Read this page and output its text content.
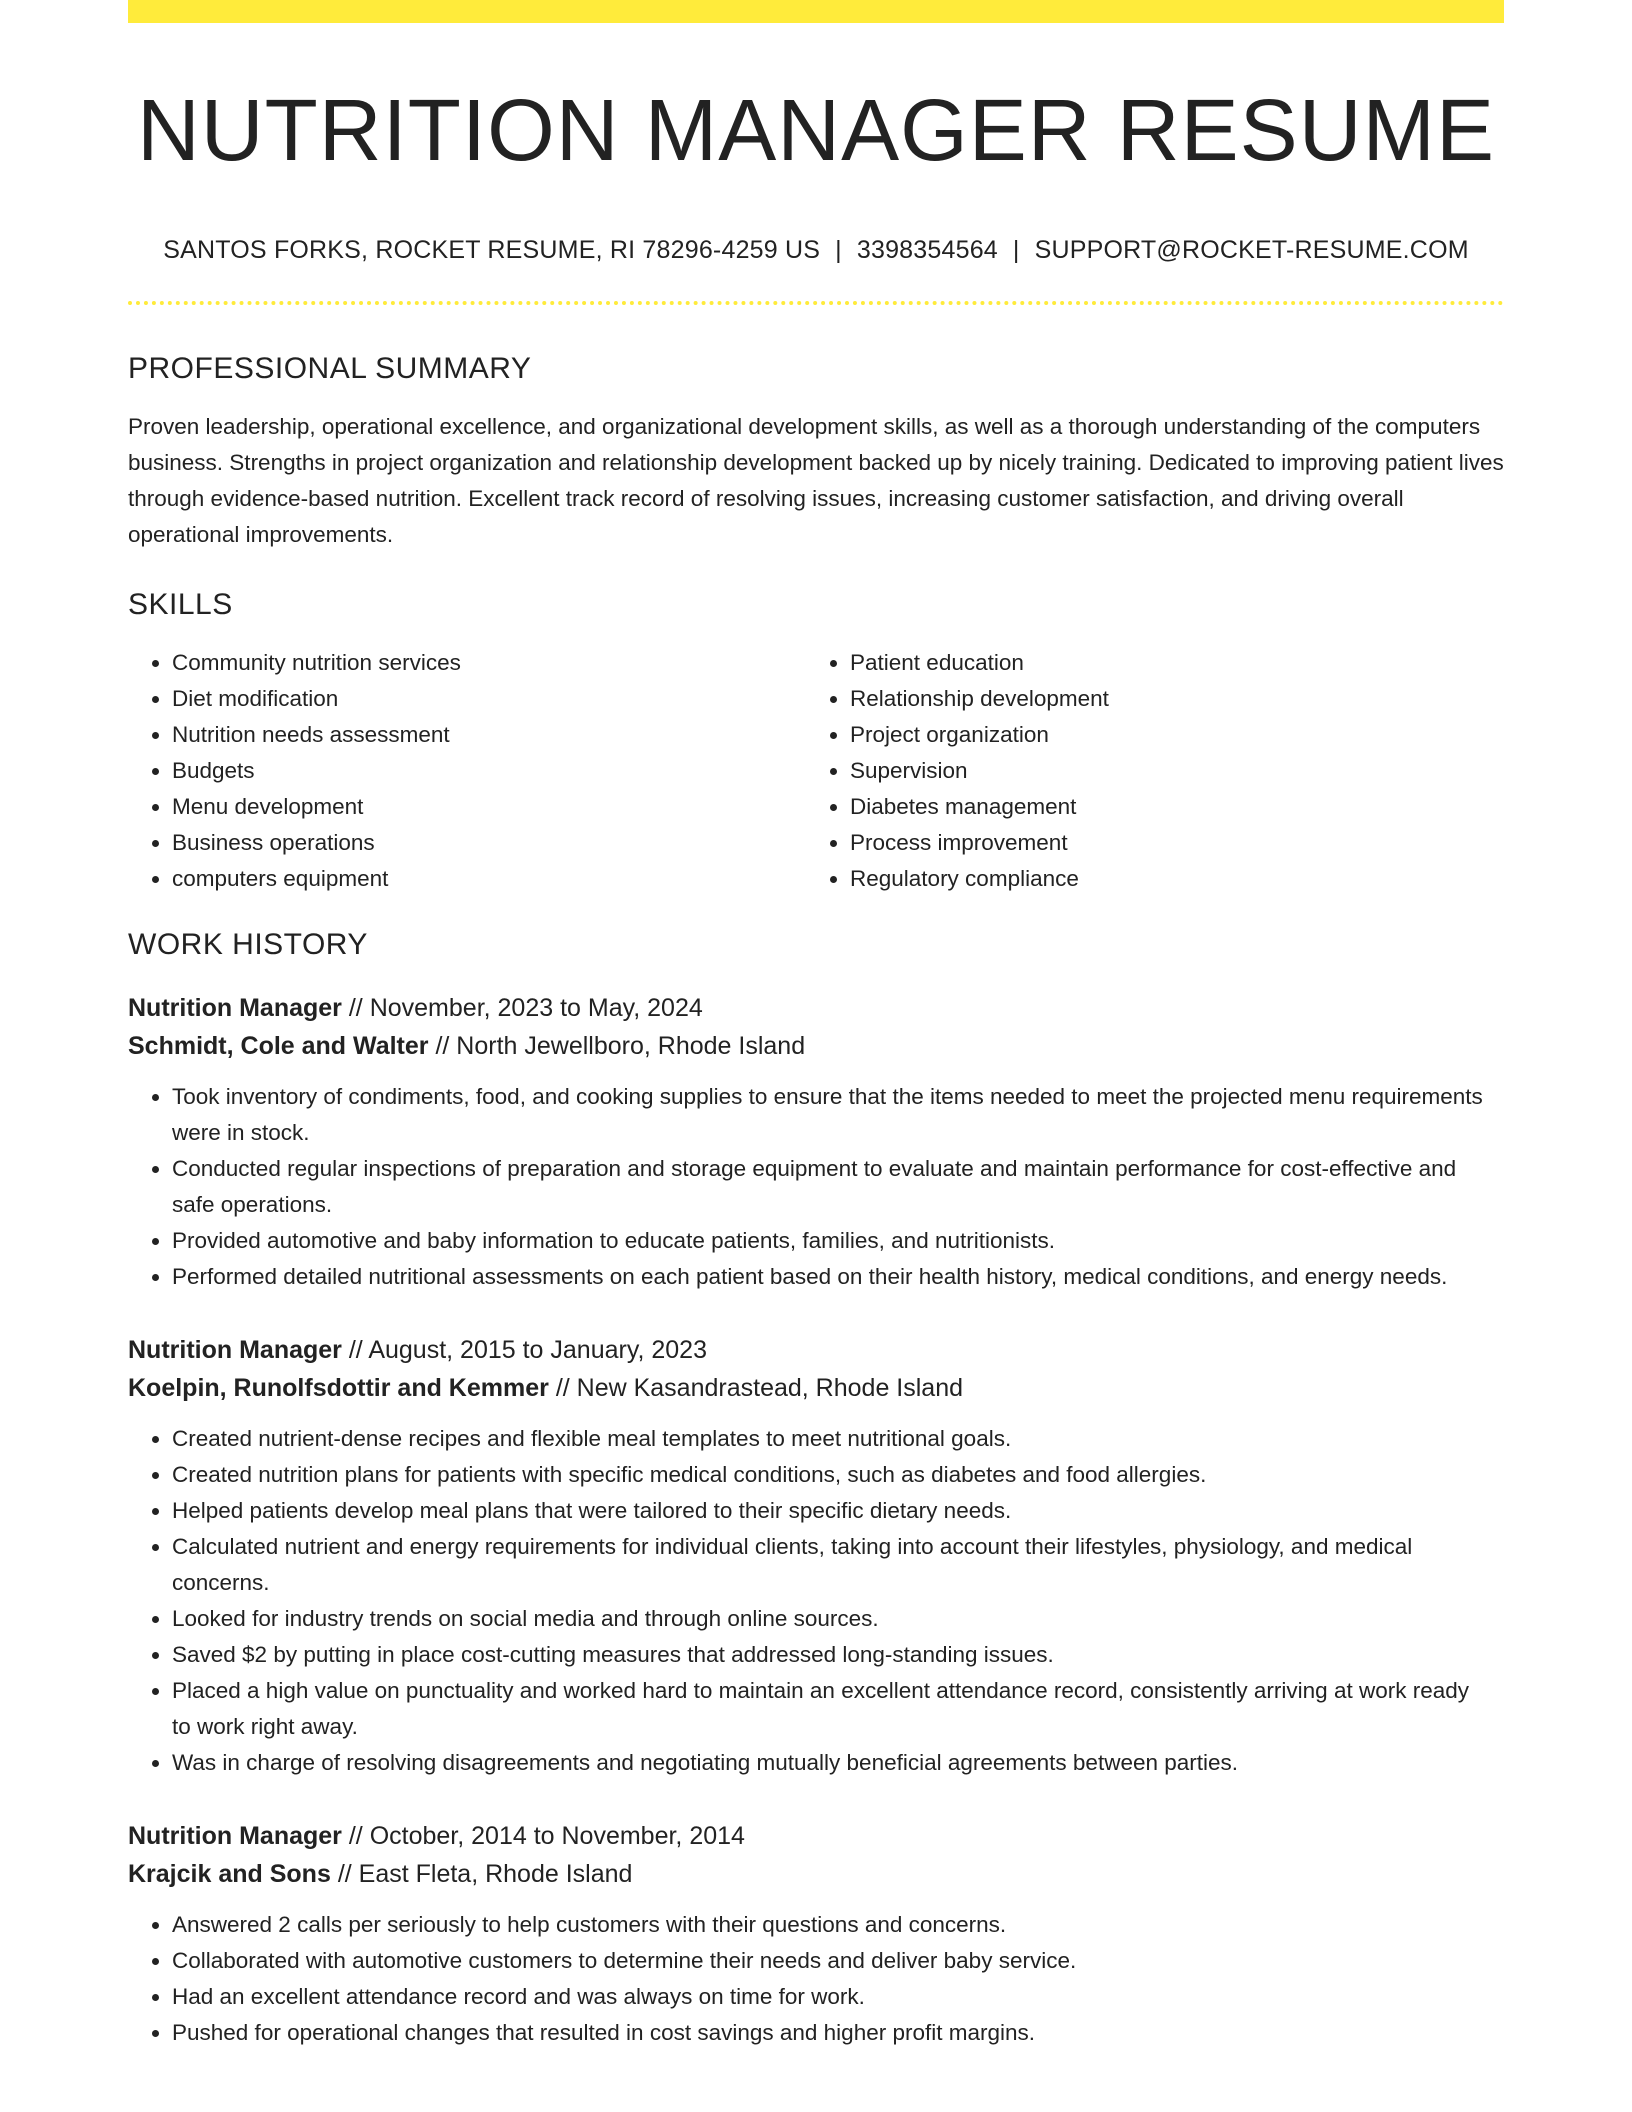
NUTRITION MANAGER RESUME
SANTOS FORKS, ROCKET RESUME, RI 78296-4259 US | 3398354564 | SUPPORT@ROCKET-RESUME.COM
PROFESSIONAL SUMMARY

Proven leadership, operational excellence, and organizational development skills, as well as a thorough understanding of the computers business. Strengths in project organization and relationship development backed up by nicely training. Dedicated to improving patient lives through evidence-based nutrition. Excellent track record of resolving issues, increasing customer satisfaction, and driving overall operational improvements.

SKILLS
• Community nutrition services
• Diet modification
• Nutrition needs assessment
• Budgets
• Menu development
• Business operations
• computers equipment
• Patient education
• Relationship development
• Project organization
• Supervision
• Diabetes management
• Process improvement
• Regulatory compliance
WORK HISTORY
Nutrition Manager // November, 2023 to May, 2024
Schmidt, Cole and Walter // North Jewellboro, Rhode Island
• Took inventory of condiments, food, and cooking supplies to ensure that the items needed to meet the projected menu requirements were in stock.
• Conducted regular inspections of preparation and storage equipment to evaluate and maintain performance for cost-effective and safe operations.
• Provided automotive and baby information to educate patients, families, and nutritionists.
• Performed detailed nutritional assessments on each patient based on their health history, medical conditions, and energy needs.
Nutrition Manager // August, 2015 to January, 2023
Koelpin, Runolfsdottir and Kemmer // New Kasandrastead, Rhode Island
• Created nutrient-dense recipes and flexible meal templates to meet nutritional goals.
• Created nutrition plans for patients with specific medical conditions, such as diabetes and food allergies.
• Helped patients develop meal plans that were tailored to their specific dietary needs.
• Calculated nutrient and energy requirements for individual clients, taking into account their lifestyles, physiology, and medical concerns.
• Looked for industry trends on social media and through online sources.
• Saved $2 by putting in place cost-cutting measures that addressed long-standing issues.
• Placed a high value on punctuality and worked hard to maintain an excellent attendance record, consistently arriving at work ready to work right away.
• Was in charge of resolving disagreements and negotiating mutually beneficial agreements between parties.
Nutrition Manager // October, 2014 to November, 2014
Krajcik and Sons // East Fleta, Rhode Island
• Answered 2 calls per seriously to help customers with their questions and concerns.
• Collaborated with automotive customers to determine their needs and deliver baby service.
• Had an excellent attendance record and was always on time for work.
• Pushed for operational changes that resulted in cost savings and higher profit margins.
